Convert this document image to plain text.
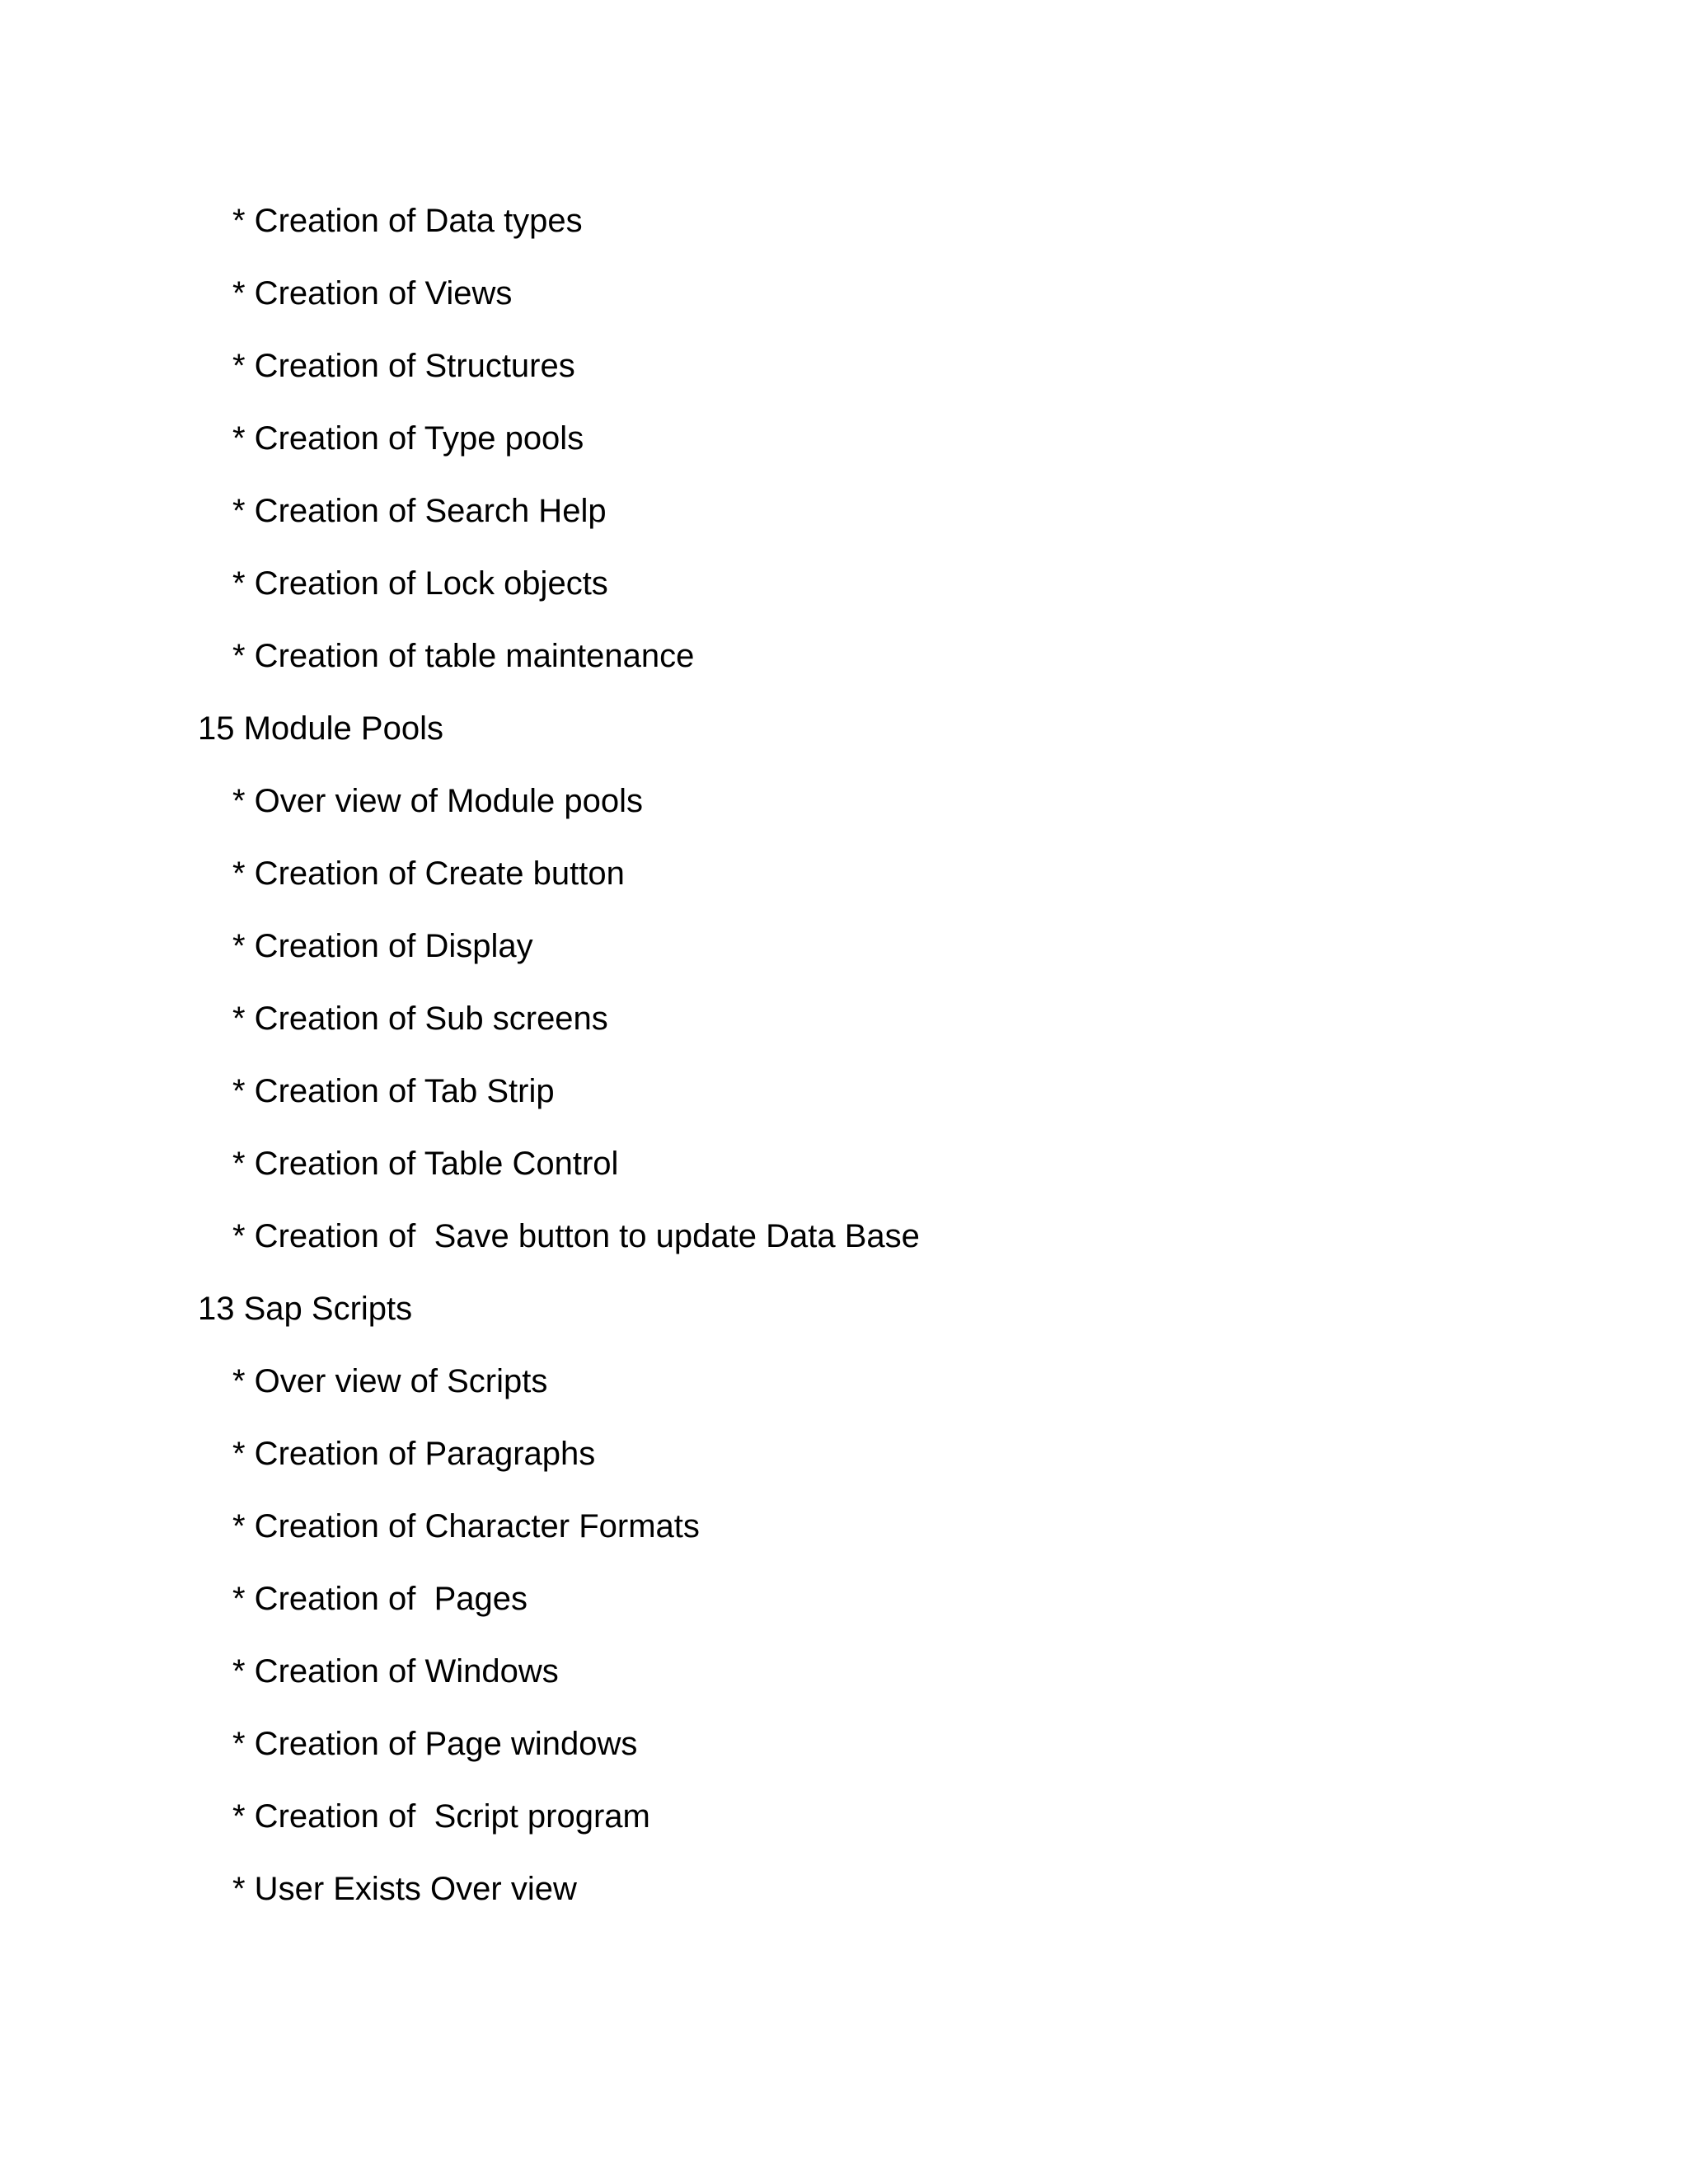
* Creation of Data types
* Creation of Views
* Creation of Structures
* Creation of Type pools
* Creation of Search Help
* Creation of Lock objects
* Creation of table maintenance
15 Module Pools
* Over view of Module pools
* Creation of Create button
* Creation of Display
* Creation of Sub screens
* Creation of Tab Strip
* Creation of Table Control
* Creation of  Save button to update Data Base
13 Sap Scripts
* Over view of Scripts
* Creation of Paragraphs
* Creation of Character Formats
* Creation of  Pages
* Creation of Windows
* Creation of Page windows
* Creation of  Script program
* User Exists Over view
